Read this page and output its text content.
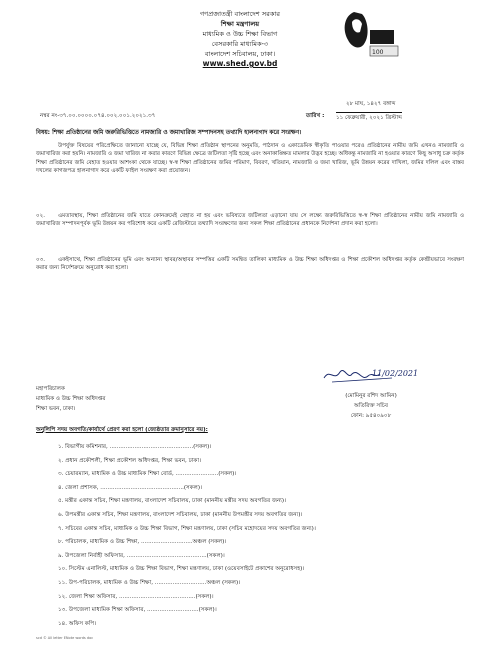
100
গণপ্রজাতন্ত্রী বাংলাদেশ সরকার
শিক্ষা মন্ত্রণালয়
মাধ্যমিক ও উচ্চ শিক্ষা বিভাগ
বেসরকারি মাধ্যমিক-৩
বাংলাদেশ সচিবালয়, ঢাকা।
www.shed.gov.bd
২৮ মাঘ, ১৪২৭ বঙ্গাব্দ
নম্বর নং-৩৭.০০.০০০০.০৭৪.০০২.০০১.২০২১.৩৭	তারিখ : ১১ ফেব্রুয়ারী, ২০২১ খ্রিস্টাব্দ
বিষয়: শিক্ষা প্রতিষ্ঠানের জমি জরুরিভিত্তিতে নামজারি ও জমাখারিজ সম্পাদনসহ তথ্যাদি হালনাগাদ করে সংরক্ষণ।
উপর্যুক্ত বিষয়ের পরিপ্রেক্ষিতে জানানো যাচ্ছে যে, বিভিন্ন শিক্ষা প্রতিষ্ঠান স্থাপনের অনুমতি, পাঠদান ও একাডেমিক স্বীকৃতি পাওয়ার পরেও প্রতিষ্ঠানের নামীয় জমি এখনও নামজারি ও জমাখারিজ করা হয়নি। নামজারি ও জমা খারিজ না করার কারণে বিভিন্ন ক্ষেত্রে জটিলতা সৃষ্টি হচ্ছে এবং অনাকাঙ্ক্ষিত মামলার উদ্ভব হচ্ছে। অধিকন্তু নামজারি না হওয়ার কারণে কিছু অসাধু চক্র কর্তৃক শিক্ষা প্রতিষ্ঠানের জমি বেহাত হওয়ার আশংকা থেকে যাচ্ছে। স্ব-স্ব শিক্ষা প্রতিষ্ঠানের জমির পরিমাণ, বিবরণ, খতিয়ান, নামজারি ও জমা খারিজ, ভূমি উন্নয়ন করের দাখিলা, জমির দলিল এবং বাস্তব দখলের কাগজপত্র হালনাগাদ করে একটি ফাইল সংরক্ষণ করা প্রয়োজন।
০২.	এমতাবস্থায়, শিক্ষা প্রতিষ্ঠানের জমি যাতে কোনক্রমেই বেহাত না হয় এবং ভবিষ্যতে জটিলতা এড়ানো যায় সে লক্ষ্যে জরুরিভিত্তিতে স্ব-স্ব শিক্ষা প্রতিষ্ঠানের নামীয় জমি নামজারি ও জমাখারিজ সম্পাদনপূর্বক ভূমি উন্নয়ন কর পরিশোধ করে একটি রেজিস্টারে তথ্যাদি সংরক্ষণের জন্য সকল শিক্ষা প্রতিষ্ঠানের প্রধানকে নির্দেশনা প্রদান করা হলো।
০৩.	একইসাথে, শিক্ষা প্রতিষ্ঠানের ভূমি এবং অন্যান্য স্থাবর/অস্থাবর সম্পত্তির একটি সমন্বিত তালিকা মাধ্যমিক ও উচ্চ শিক্ষা অধিদপ্তর ও শিক্ষা প্রকৌশল অধিদপ্তর কর্তৃক কেন্দ্রীয়ভাবে সংরক্ষণ করার জন্য নির্দেশক্রমে অনুরোধ করা হলো।
11/02/2021
(মোমিনুর রশিদ আমিন)
অতিরিক্ত সচিব
ফোন: ৯৫৪০৯০৮
মহাপরিচালক
মাধ্যমিক ও উচ্চ শিক্ষা অধিদপ্তর
শিক্ষা ভবন, ঢাকা।
অনুলিপি সদয় অবগতি/কার্যার্থে প্রেরণ করা হলো (জ্যেষ্ঠতার ক্রমানুসারে নয়):
১. বিভাগীয় কমিশনার, ...............................................(সকল)।
২. প্রধান প্রকৌশলী, শিক্ষা প্রকৌশল অধিদপ্তর, শিক্ষা ভবন, ঢাকা।
৩. চেয়ারম্যান, মাধ্যমিক ও উচ্চ মাধ্যমিক শিক্ষা বোর্ড, ........................(সকল)।
৪. জেলা প্রশাসক, ...............................................(সকল)।
৫. মন্ত্রীর একান্ত সচিব, শিক্ষা মন্ত্রণালয়, বাংলাদেশ সচিবালয়, ঢাকা (মাননীয় মন্ত্রীর সদয় অবগতির জন্য)।
৬. উপমন্ত্রীর একান্ত সচিব, শিক্ষা মন্ত্রণালয়, বাংলাদেশ সচিবালয়, ঢাকা (মাননীয় উপমন্ত্রীর সদয় অবগতির জন্য)।
৭. সচিবের একান্ত সচিব, মাধ্যমিক ও উচ্চ শিক্ষা বিভাগ, শিক্ষা মন্ত্রণালয়, ঢাকা (সচিব মহোদয়ের সদয় অবগতির জন্য)।
৮. পরিচালক, মাধ্যমিক ও উচ্চ শিক্ষা, .............................অঞ্চল (সকল)।
৯. উপজেলা নির্বাহী অফিসার, .............................................(সকল)।
১০. সিস্টেম এনালিস্ট, মাধ্যমিক ও উচ্চ শিক্ষা বিভাগ, শিক্ষা মন্ত্রণালয়, ঢাকা (ওয়েবসাইটে প্রকাশের অনুরোধসহ)।
১১. উপ-পরিচালক, মাধ্যমিক ও উচ্চ শিক্ষা, .............................অঞ্চল (সকল)।
১২. জেলা শিক্ষা অফিসার, ...........................................(সকল)।
১৩. উপজেলা মাধ্যমিক শিক্ষা অফিসার, .............................(সকল)।
১৪. অফিস কপি।
scd © All letter ENote words doc
